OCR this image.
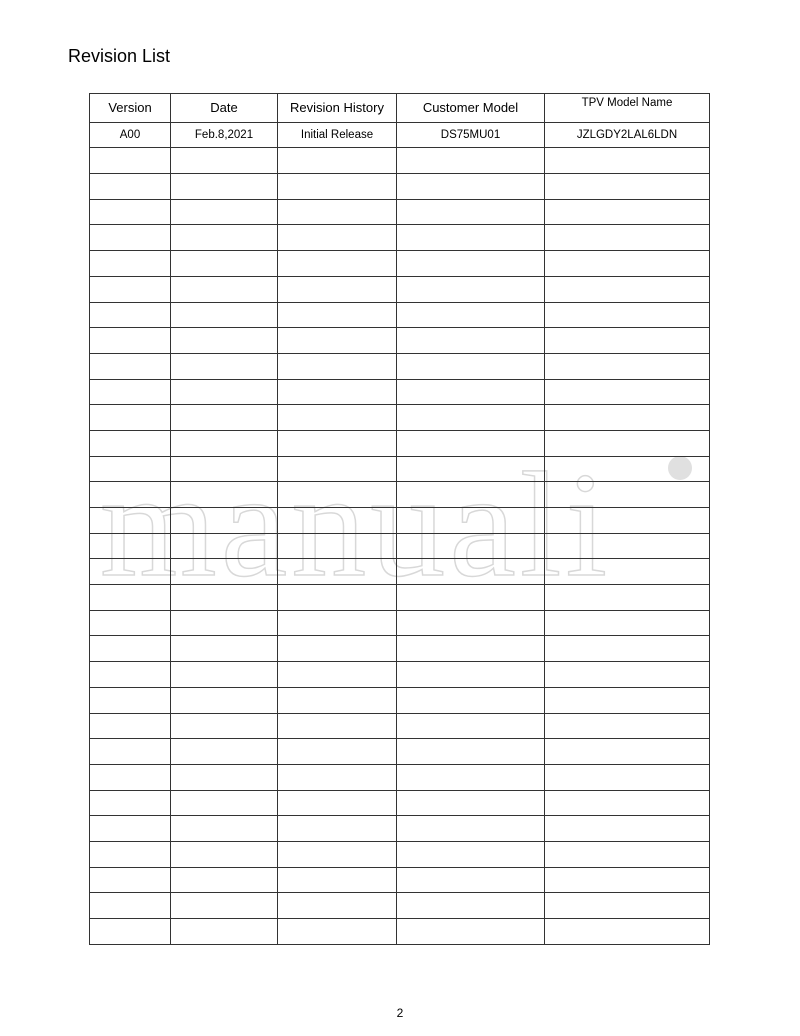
Revision List
manuali
Version	Date	Revision History	Customer Model	TPV Model Name
A00	Feb.8,2021	Initial Release	DS75MU01	JZLGDY2LAL6LDN

2
